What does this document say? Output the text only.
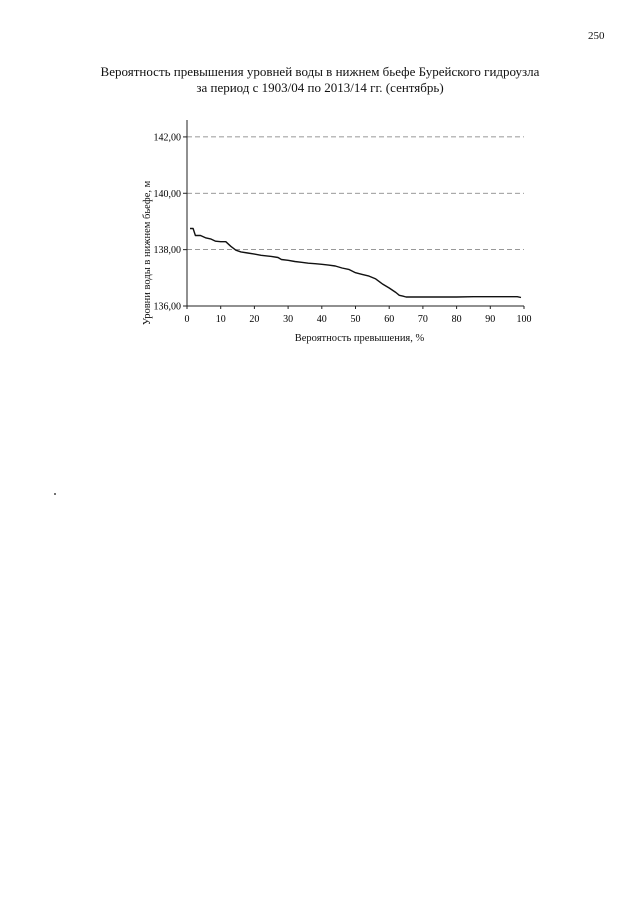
250
Вероятность превышения уровней воды в нижнем бьефе Бурейского гидроузла
за период с 1903/04 по 2013/14 гг. (сентябрь)
136,00
138,00
140,00
142,00
0	10 20 30 40 50 60 70 80 90 100
Уровни воды в нижнем бьефе, м
Вероятность превышения, %
